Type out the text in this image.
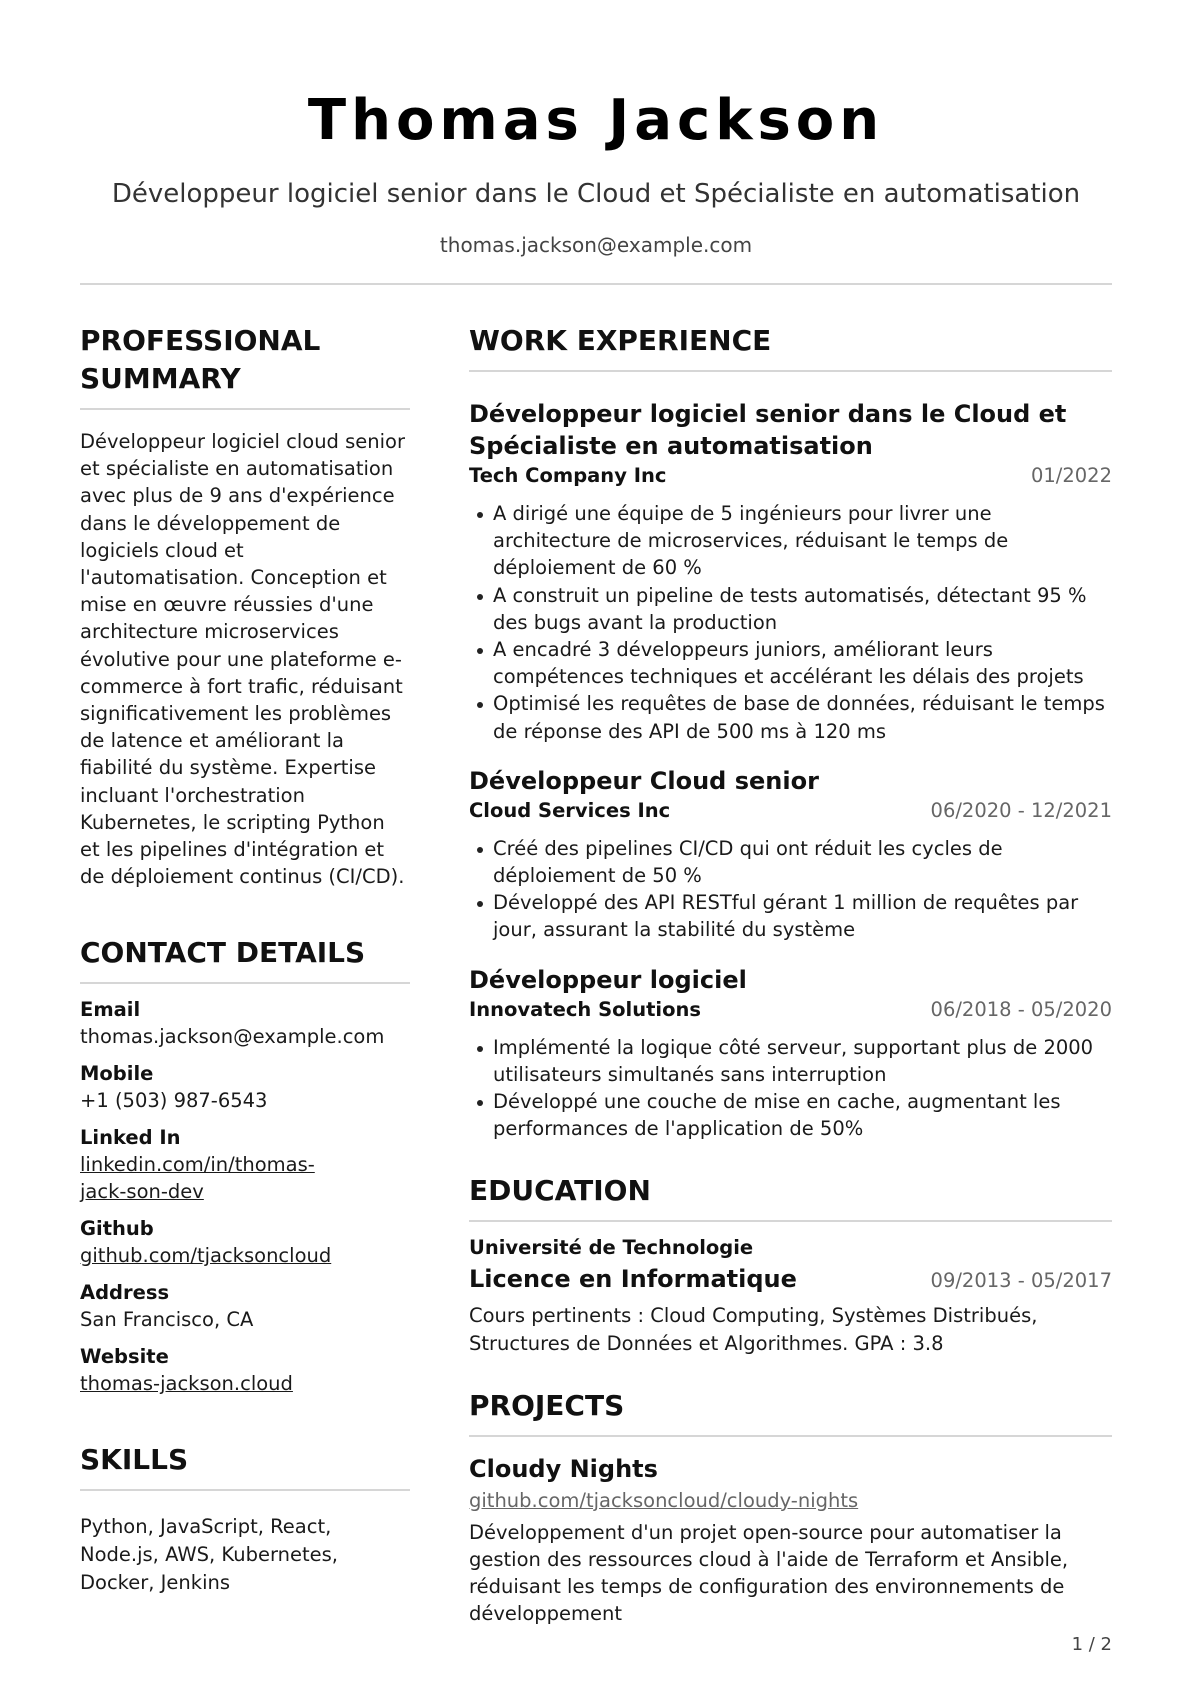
Thomas Jackson
Développeur logiciel senior dans le Cloud et Spécialiste en automatisation
thomas.jackson@example.com
PROFESSIONAL
SUMMARY
Développeur logiciel cloud senior et spécialiste en automatisation avec plus de 9 ans d'expérience dans le développement de logiciels cloud et l'automatisation. Conception et mise en œuvre réussies d'une architecture microservices évolutive pour une plateforme e-commerce à fort trafic, réduisant significativement les problèmes de latence et améliorant la fiabilité du système. Expertise incluant l'orchestration Kubernetes, le scripting Python et les pipelines d'intégration et de déploiement continus (CI/CD).
CONTACT DETAILS
Email
thomas.jackson@example.com
Mobile
+1 (503) 987-6543
Linked In
linkedin.com/in/thomas-jack-son-dev
Github
github.com/tjacksoncloud
Address
San Francisco, CA
Website
thomas-jackson.cloud
SKILLS
Python, JavaScript, React, Node.js, AWS, Kubernetes, Docker, Jenkins
WORK EXPERIENCE
Développeur logiciel senior dans le Cloud et Spécialiste en automatisation
Tech Company Inc	01/2022
A dirigé une équipe de 5 ingénieurs pour livrer une architecture de microservices, réduisant le temps de déploiement de 60 %
A construit un pipeline de tests automatisés, détectant 95 % des bugs avant la production
A encadré 3 développeurs juniors, améliorant leurs compétences techniques et accélérant les délais des projets
Optimisé les requêtes de base de données, réduisant le temps de réponse des API de 500 ms à 120 ms
Développeur Cloud senior
Cloud Services Inc	06/2020 - 12/2021
Créé des pipelines CI/CD qui ont réduit les cycles de déploiement de 50 %
Développé des API RESTful gérant 1 million de requêtes par jour, assurant la stabilité du système
Développeur logiciel
Innovatech Solutions	06/2018 - 05/2020
Implémenté la logique côté serveur, supportant plus de 2000 utilisateurs simultanés sans interruption
Développé une couche de mise en cache, augmentant les performances de l'application de 50%
EDUCATION
Université de Technologie
Licence en Informatique	09/2013 - 05/2017
Cours pertinents : Cloud Computing, Systèmes Distribués, Structures de Données et Algorithmes. GPA : 3.8
PROJECTS
Cloudy Nights
github.com/tjacksoncloud/cloudy-nights
Développement d'un projet open-source pour automatiser la gestion des ressources cloud à l'aide de Terraform et Ansible, réduisant les temps de configuration des environnements de développement
1 / 2
